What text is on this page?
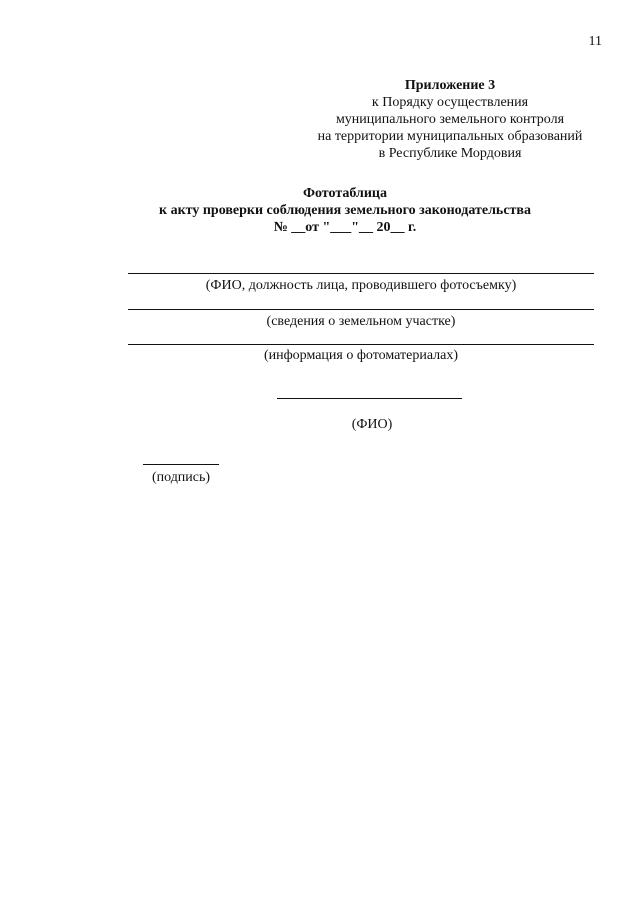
11
Приложение 3
к Порядку осуществления
муниципального земельного контроля
на территории муниципальных образований
в Республике Мордовия
Фототаблица
к акту проверки соблюдения земельного законодательства
№ __от "___"__ 20__ г.
(ФИО, должность лица, проводившего фотосъемку)
(сведения о земельном участке)
(информация о фотоматериалах)
(ФИО)
(подпись)
